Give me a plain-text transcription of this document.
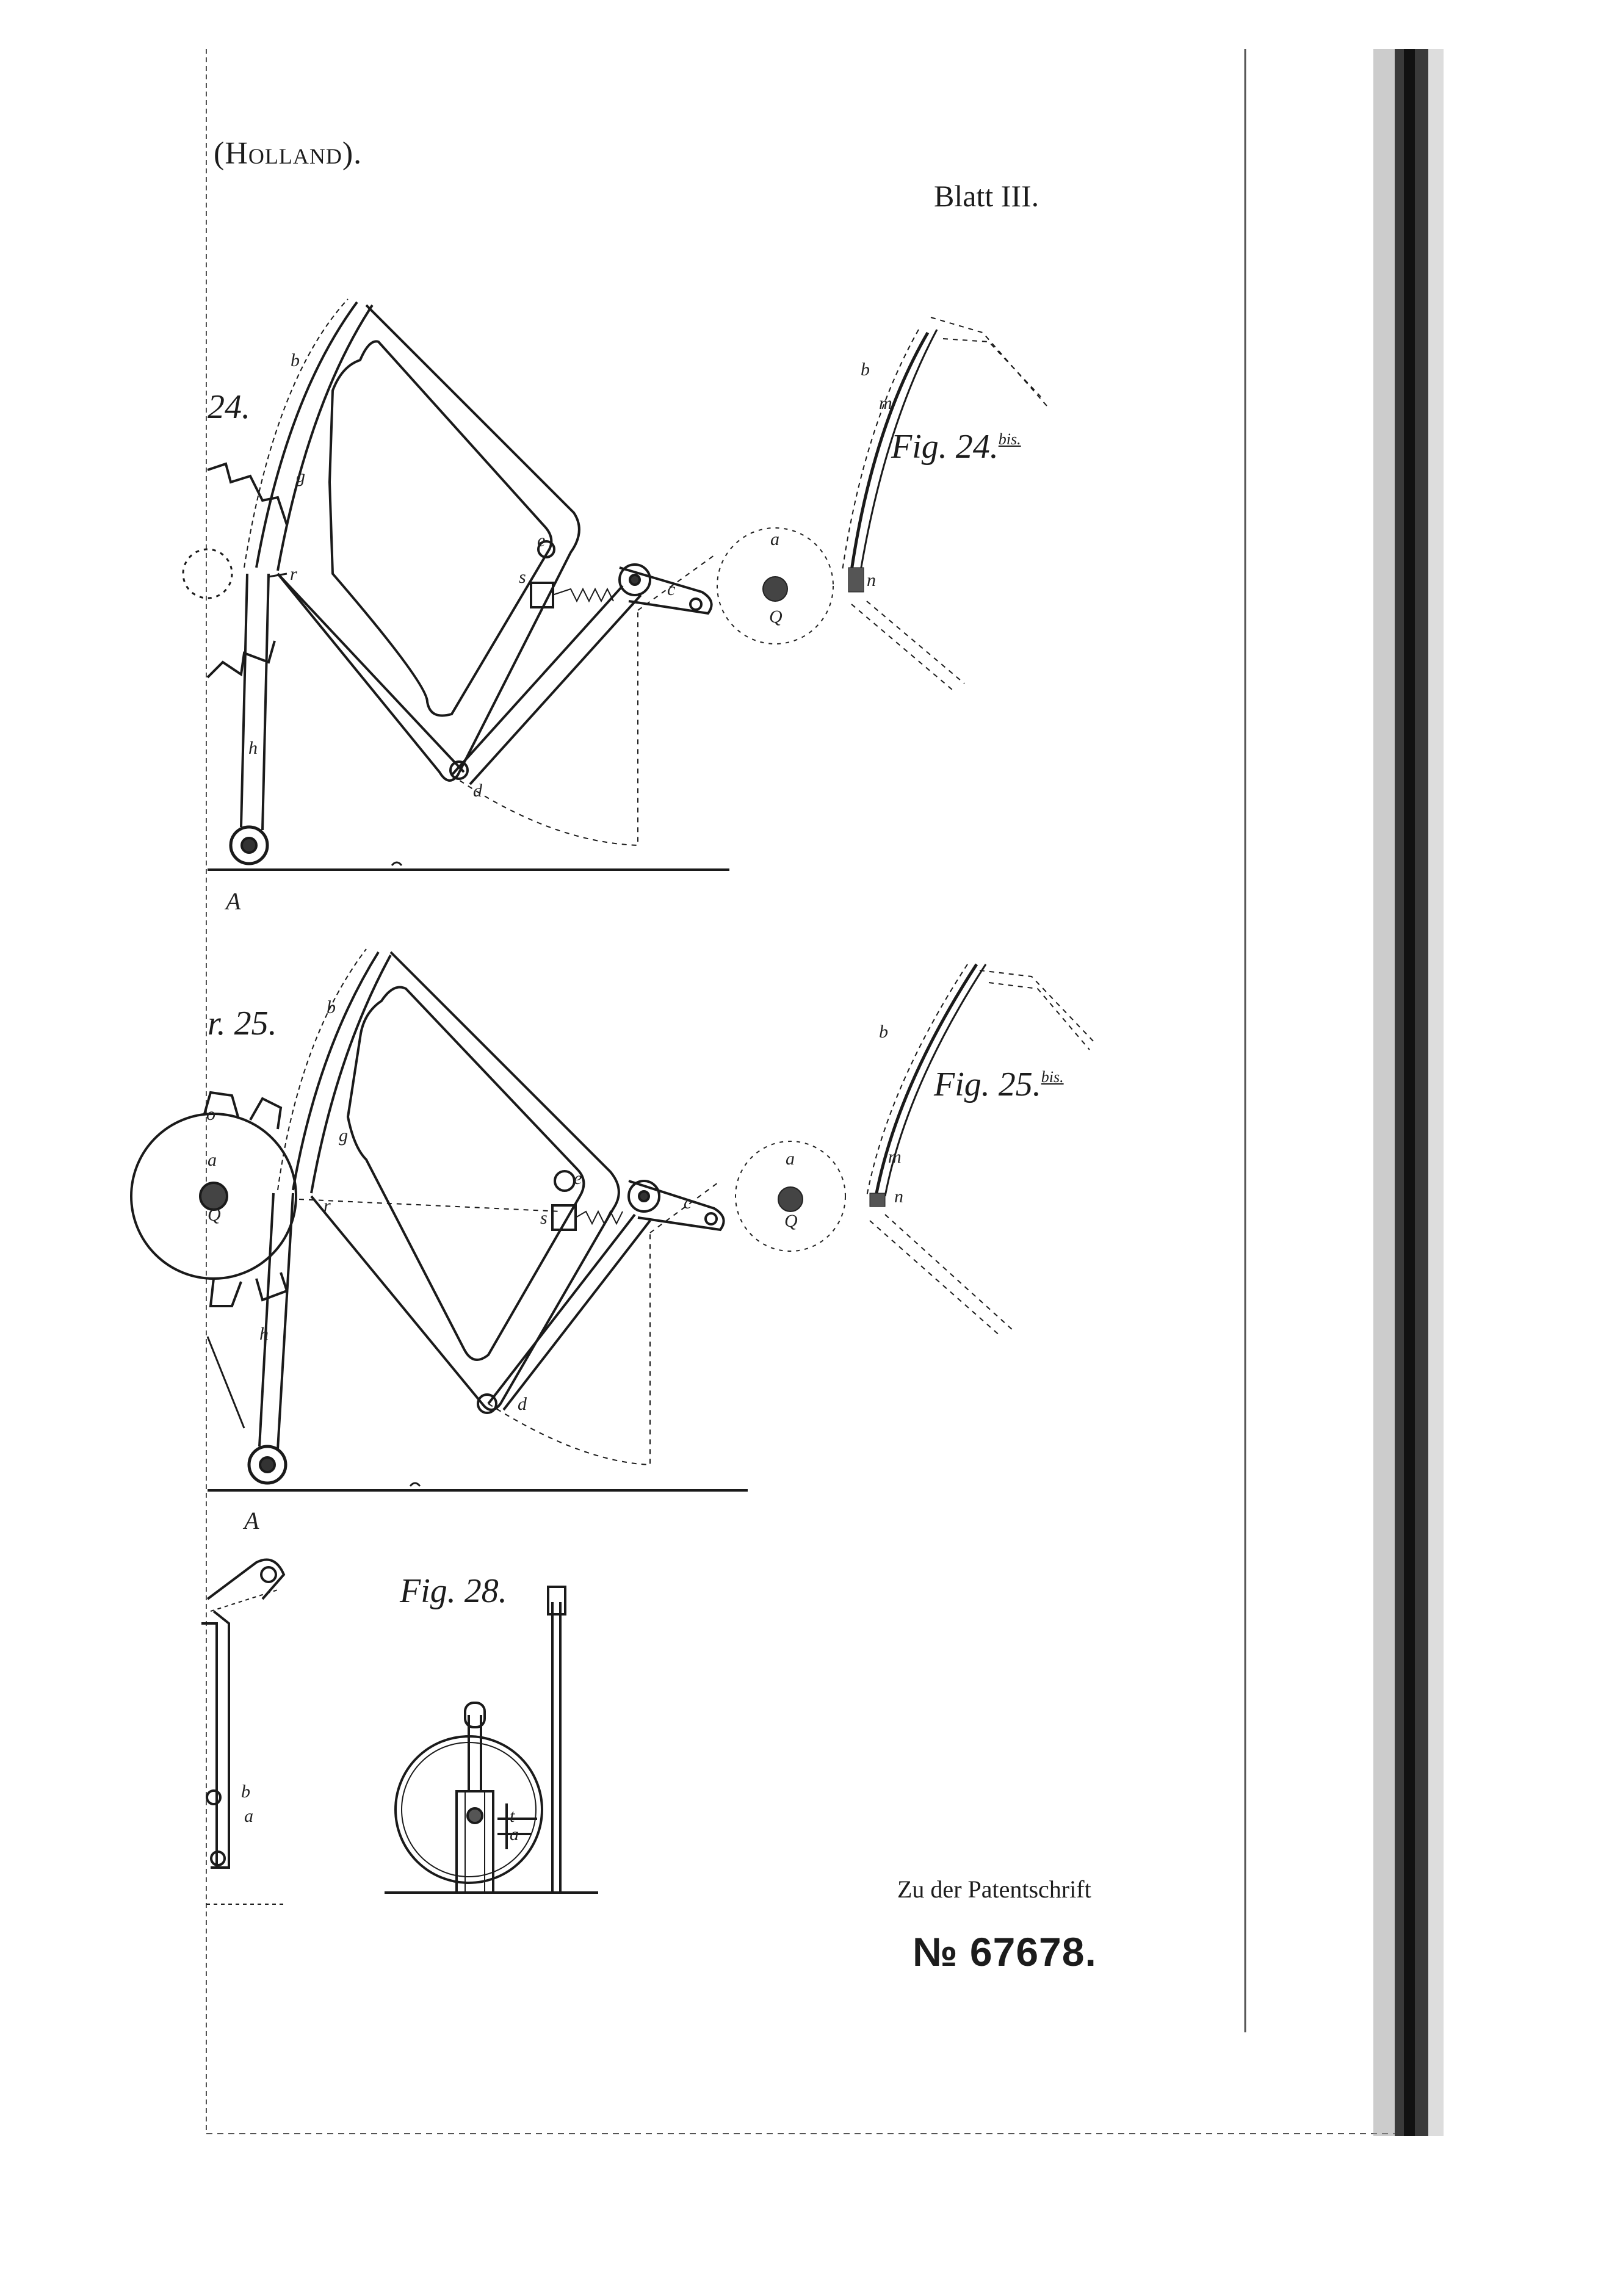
b
g
r	s
e
c
d
h
A
a
Q
b
m
n
b
o
a
Q
g
r
e
s
c
d
h
A
a
Q
b
m
n
b
a	t
a
(Holland).
Blatt III.
24.
Fig. 24.$^{bis.}$
r. 25.
Fig. 25.$^{bis.}$
Fig. 28.
Zu der Patentschrift
№ 67678.
